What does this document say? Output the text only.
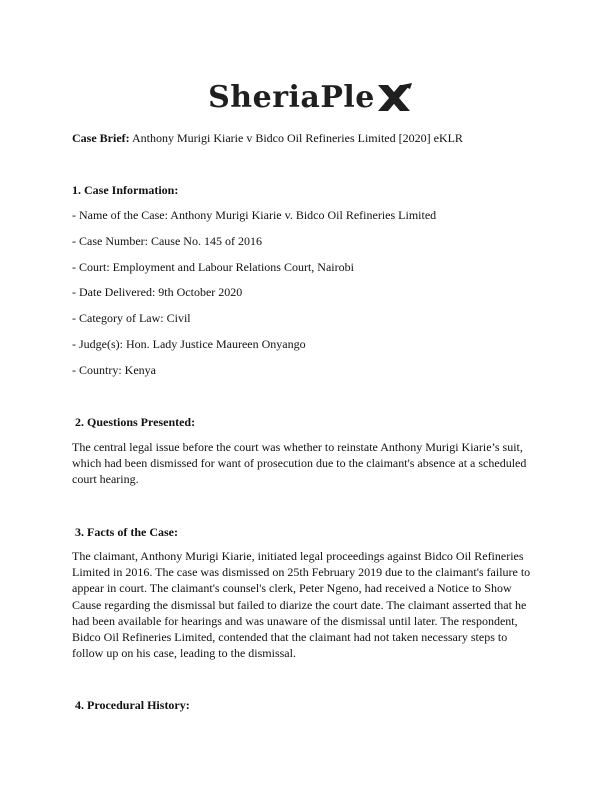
SheriaPle
Case Brief: Anthony Murigi Kiarie v Bidco Oil Refineries Limited [2020] eKLR
1. Case Information:
- Name of the Case: Anthony Murigi Kiarie v. Bidco Oil Refineries Limited
- Case Number: Cause No. 145 of 2016
- Court: Employment and Labour Relations Court, Nairobi
- Date Delivered: 9th October 2020
- Category of Law: Civil
- Judge(s): Hon. Lady Justice Maureen Onyango
- Country: Kenya
2. Questions Presented:
The central legal issue before the court was whether to reinstate Anthony Murigi Kiarie’s suit,
which had been dismissed for want of prosecution due to the claimant's absence at a scheduled
court hearing.
3. Facts of the Case:
The claimant, Anthony Murigi Kiarie, initiated legal proceedings against Bidco Oil Refineries
Limited in 2016. The case was dismissed on 25th February 2019 due to the claimant's failure to
appear in court. The claimant's counsel's clerk, Peter Ngeno, had received a Notice to Show
Cause regarding the dismissal but failed to diarize the court date. The claimant asserted that he
had been available for hearings and was unaware of the dismissal until later. The respondent,
Bidco Oil Refineries Limited, contended that the claimant had not taken necessary steps to
follow up on his case, leading to the dismissal.
4. Procedural History:
